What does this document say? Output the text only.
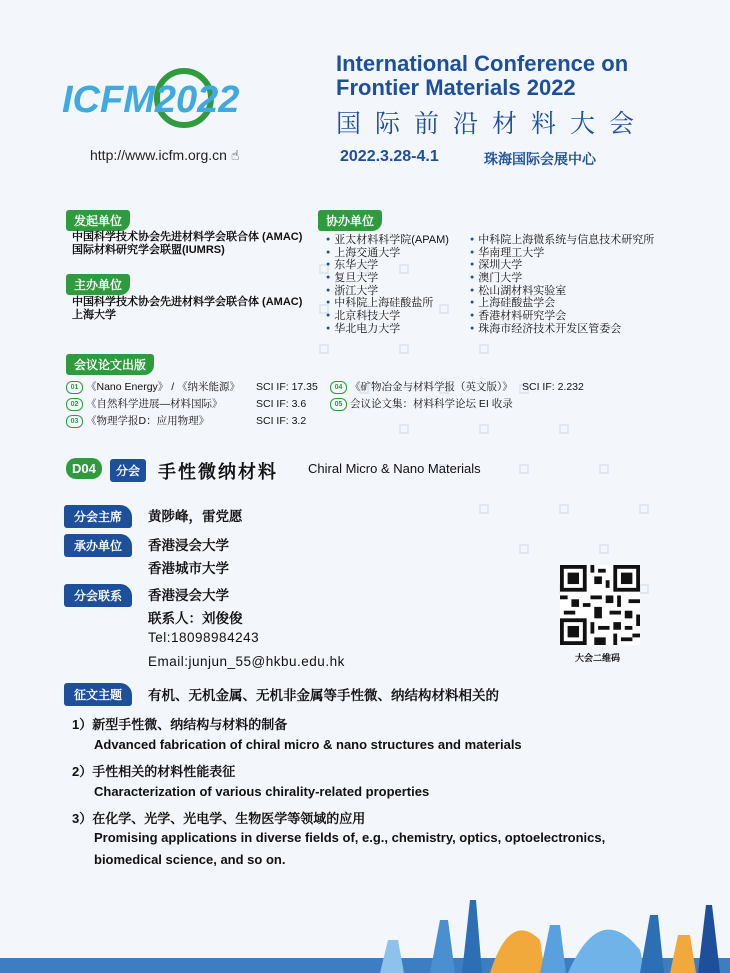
ICFM2022
http://www.icfm.org.cn ☝
International Conference on
Frontier Materials 2022
国际前沿材料大会
2022.3.28-4.1	珠海国际会展中心
发起单位
中国科学技术协会先进材料学会联合体 (AMAC)
国际材料研究学会联盟(IUMRS)
主办单位
中国科学技术协会先进材料学会联合体 (AMAC)
上海大学
协办单位
● 亚太材料科学院(APAM)
● 上海交通大学
● 东华大学
● 复旦大学
● 浙江大学
● 中科院上海硅酸盐所
● 北京科技大学
● 华北电力大学
● 中科院上海微系统与信息技术研究所
● 华南理工大学
● 深圳大学
● 澳门大学
● 松山湖材料实验室
● 上海硅酸盐学会
● 香港材料研究学会
● 珠海市经济技术开发区管委会
会议论文出版
01 《Nano Energy》 / 《纳米能源》 SCI IF: 17.35
02 《自然科学进展—材料国际》	SCI IF: 3.6
03 《物理学报D：应用物理》	SCI IF: 3.2
04 《矿物冶金与材料学报（英文版）》 SCI IF: 2.232
05 会议论文集：材料科学论坛 EI 收录
D04	分会 手性微纳材料 Chiral Micro & Nano Materials
分会主席	黄陟峰，雷党愿
承办单位	香港浸会大学
香港城市大学
分会联系	香港浸会大学
联系人：刘俊俊
Tel:18098984243
Email:junjun_55@hkbu.edu.hk	大会二维码
征文主题	有机、无机金属、无机非金属等手性微、纳结构材料相关的
1）新型手性微、纳结构与材料的制备
Advanced fabrication of chiral micro & nano structures and materials
2）手性相关的材料性能表征
Characterization of various chirality-related properties
3）在化学、光学、光电学、生物医学等领域的应用
Promising applications in diverse fields of, e.g., chemistry, optics, optoelectronics,
biomedical science, and so on.
